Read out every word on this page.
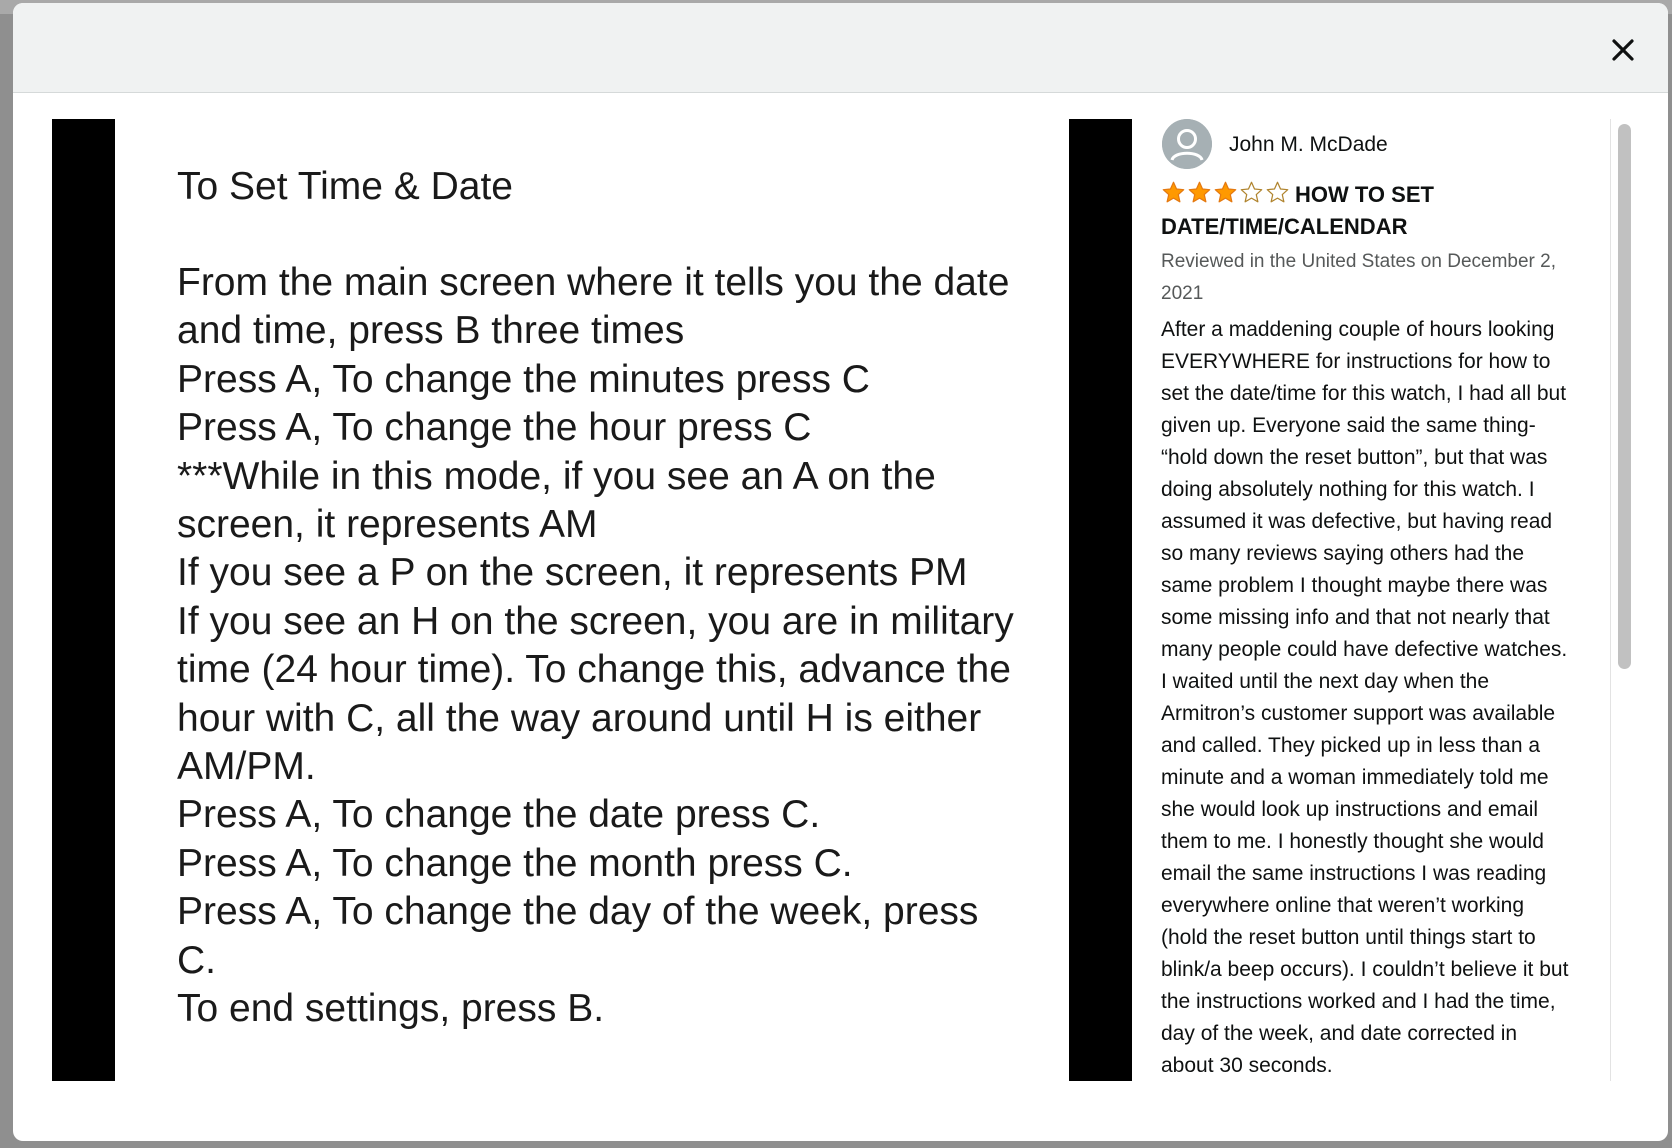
To Set Time & Date
From the main screen where it tells you the date
and time, press B three times
Press A, To change the minutes press C
Press A, To change the hour press C
***While in this mode, if you see an A on the
screen, it represents AM
If you see a P on the screen, it represents PM
If you see an H on the screen, you are in military
time (24 hour time). To change this, advance the
hour with C, all the way around until H is either
AM/PM.
Press A, To change the date press C.
Press A, To change the month press C.
Press A, To change the day of the week, press
C.
To end settings, press B.
John M. McDade
HOW TO SET DATE/TIME/CALENDAR
Reviewed in the United States on December 2, 2021
After a maddening couple of hours looking
EVERYWHERE for instructions for how to
set the date/time for this watch, I had all but
given up. Everyone said the same thing-
“hold down the reset button”, but that was
doing absolutely nothing for this watch. I
assumed it was defective, but having read
so many reviews saying others had the
same problem I thought maybe there was
some missing info and that not nearly that
many people could have defective watches.
I waited until the next day when the
Armitron’s customer support was available
and called. They picked up in less than a
minute and a woman immediately told me
she would look up instructions and email
them to me. I honestly thought she would
email the same instructions I was reading
everywhere online that weren’t working
(hold the reset button until things start to
blink/a beep occurs). I couldn’t believe it but
the instructions worked and I had the time,
day of the week, and date corrected in
about 30 seconds.
